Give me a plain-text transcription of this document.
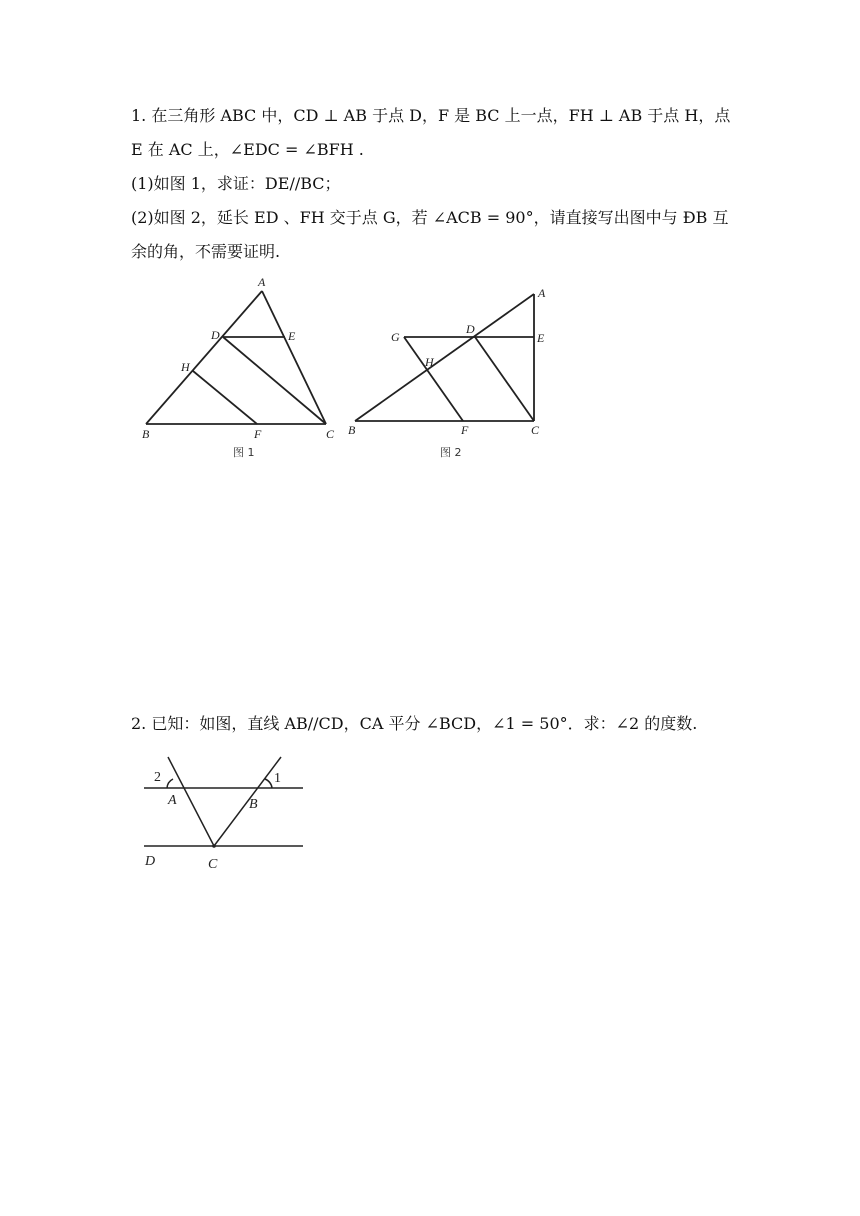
1. 在三角形 ABC 中，CD ⊥ AB 于点 D，F 是 BC 上一点，FH ⊥ AB 于点 H，点
E 在 AC 上，∠EDC = ∠BFH .
(1)如图 1，求证：DE//BC；
(2)如图 2，延长 ED 、FH 交于点 G，若 ∠ACB = 90°，请直接写出图中与 ÐB 互
余的角，不需要证明.
A
B	C
D	E
F
H
图 1
A
B	C
D
E
F
G
H
图 2
2. 已知：如图，直线 AB//CD，CA 平分 ∠BCD，∠1 = 50°．求：∠2 的度数.
2	1
A	B
C
D
